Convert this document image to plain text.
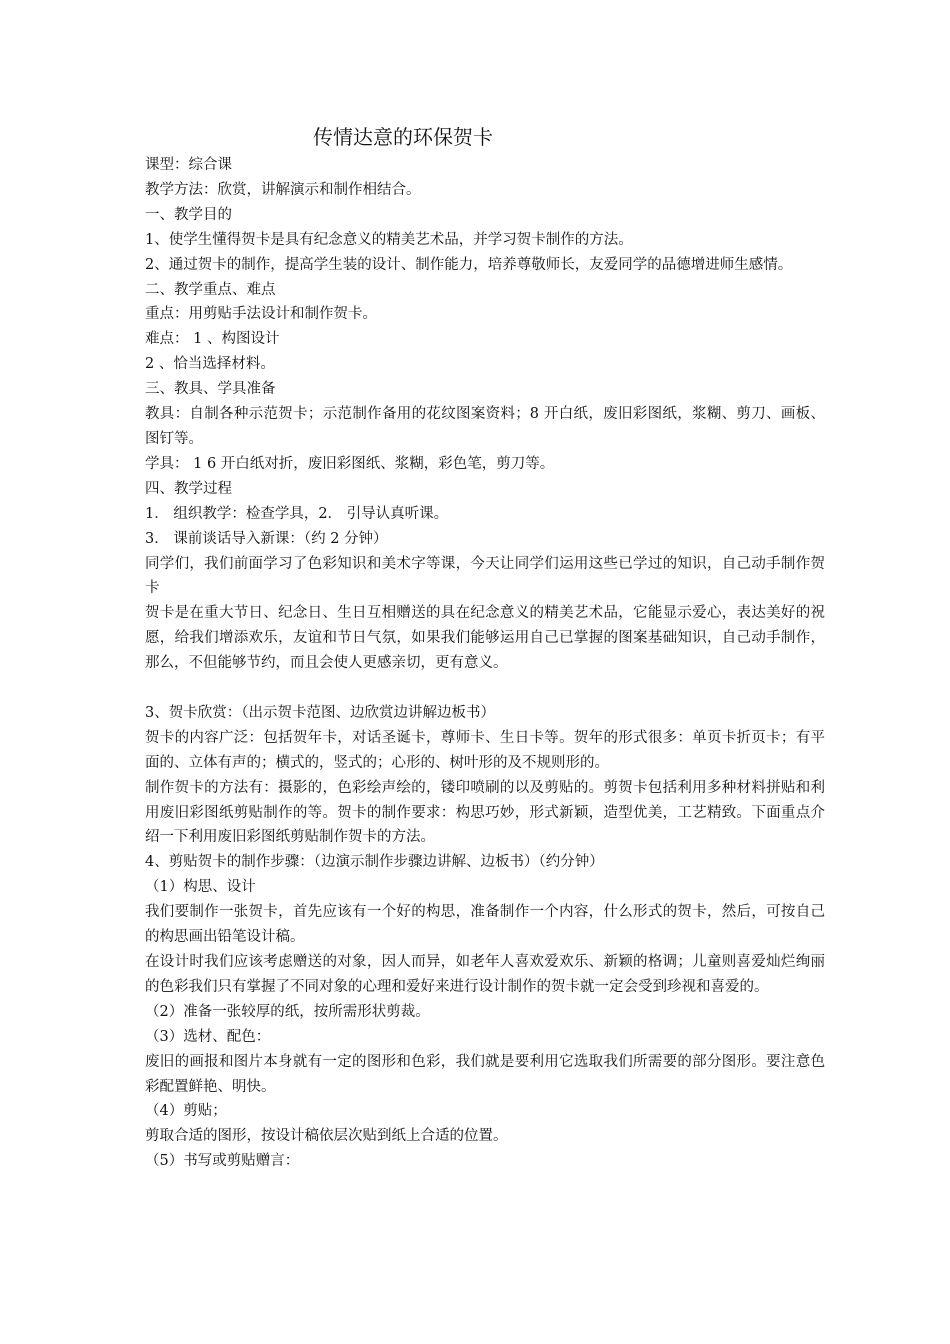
传情达意的环保贺卡
课型：综合课
教学方法：欣赏，讲解演示和制作相结合。
一、教学目的
1、使学生懂得贺卡是具有纪念意义的精美艺术品，并学习贺卡制作的方法。
2、通过贺卡的制作，提高学生装的设计、制作能力，培养尊敬师长，友爱同学的品德增进师生感情。
二、教学重点、难点
重点：用剪贴手法设计和制作贺卡。
难点： 1 、构图设计
2 、恰当选择材料。
三、教具、学具准备
教具：自制各种示范贺卡；示范制作备用的花纹图案资料；8 开白纸，废旧彩图纸，浆糊、剪刀、画板、图钉等。
学具： 1 6 开白纸对折，废旧彩图纸、浆糊，彩色笔，剪刀等。
四、教学过程
1． 组织教学：检查学具，2． 引导认真听课。
3． 课前谈话导入新课：（约 2 分钟）
同学们，我们前面学习了色彩知识和美术字等课，今天让同学们运用这些已学过的知识，自己动手制作贺卡
贺卡是在重大节日、纪念日、生日互相赠送的具在纪念意义的精美艺术品，它能显示爱心，表达美好的祝愿，给我们增添欢乐，友谊和节日气氛，如果我们能够运用自己已掌握的图案基础知识，自己动手制作，那么，不但能够节约，而且会使人更感亲切，更有意义。
3、贺卡欣赏：（出示贺卡范图、边欣赏边讲解边板书）
贺卡的内容广泛：包括贺年卡，对话圣诞卡，尊师卡、生日卡等。贺年的形式很多：单页卡折页卡；有平面的、立体有声的；横式的，竖式的；心形的、树叶形的及不规则形的。
制作贺卡的方法有：摄影的，色彩绘声绘的，镂印喷刷的以及剪贴的。剪贺卡包括利用多种材料拼贴和利用废旧彩图纸剪贴制作的等。贺卡的制作要求：构思巧妙，形式新颖，造型优美，工艺精致。下面重点介绍一下利用废旧彩图纸剪贴制作贺卡的方法。
4、剪贴贺卡的制作步骤：（边演示制作步骤边讲解、边板书）（约分钟）
（1）构思、设计
我们要制作一张贺卡，首先应该有一个好的构思，准备制作一个内容，什么形式的贺卡，然后，可按自己的构思画出铅笔设计稿。
在设计时我们应该考虑赠送的对象，因人而异，如老年人喜欢爱欢乐、新颖的格调；儿童则喜爱灿烂绚丽的色彩我们只有掌握了不同对象的心理和爱好来进行设计制作的贺卡就一定会受到珍视和喜爱的。
（2）准备一张较厚的纸，按所需形状剪裁。
（3）选材、配色：
废旧的画报和图片本身就有一定的图形和色彩，我们就是要利用它选取我们所需要的部分图形。要注意色彩配置鲜艳、明快。
（4）剪贴；
剪取合适的图形，按设计稿依层次贴到纸上合适的位置。
（5）书写或剪贴赠言：
